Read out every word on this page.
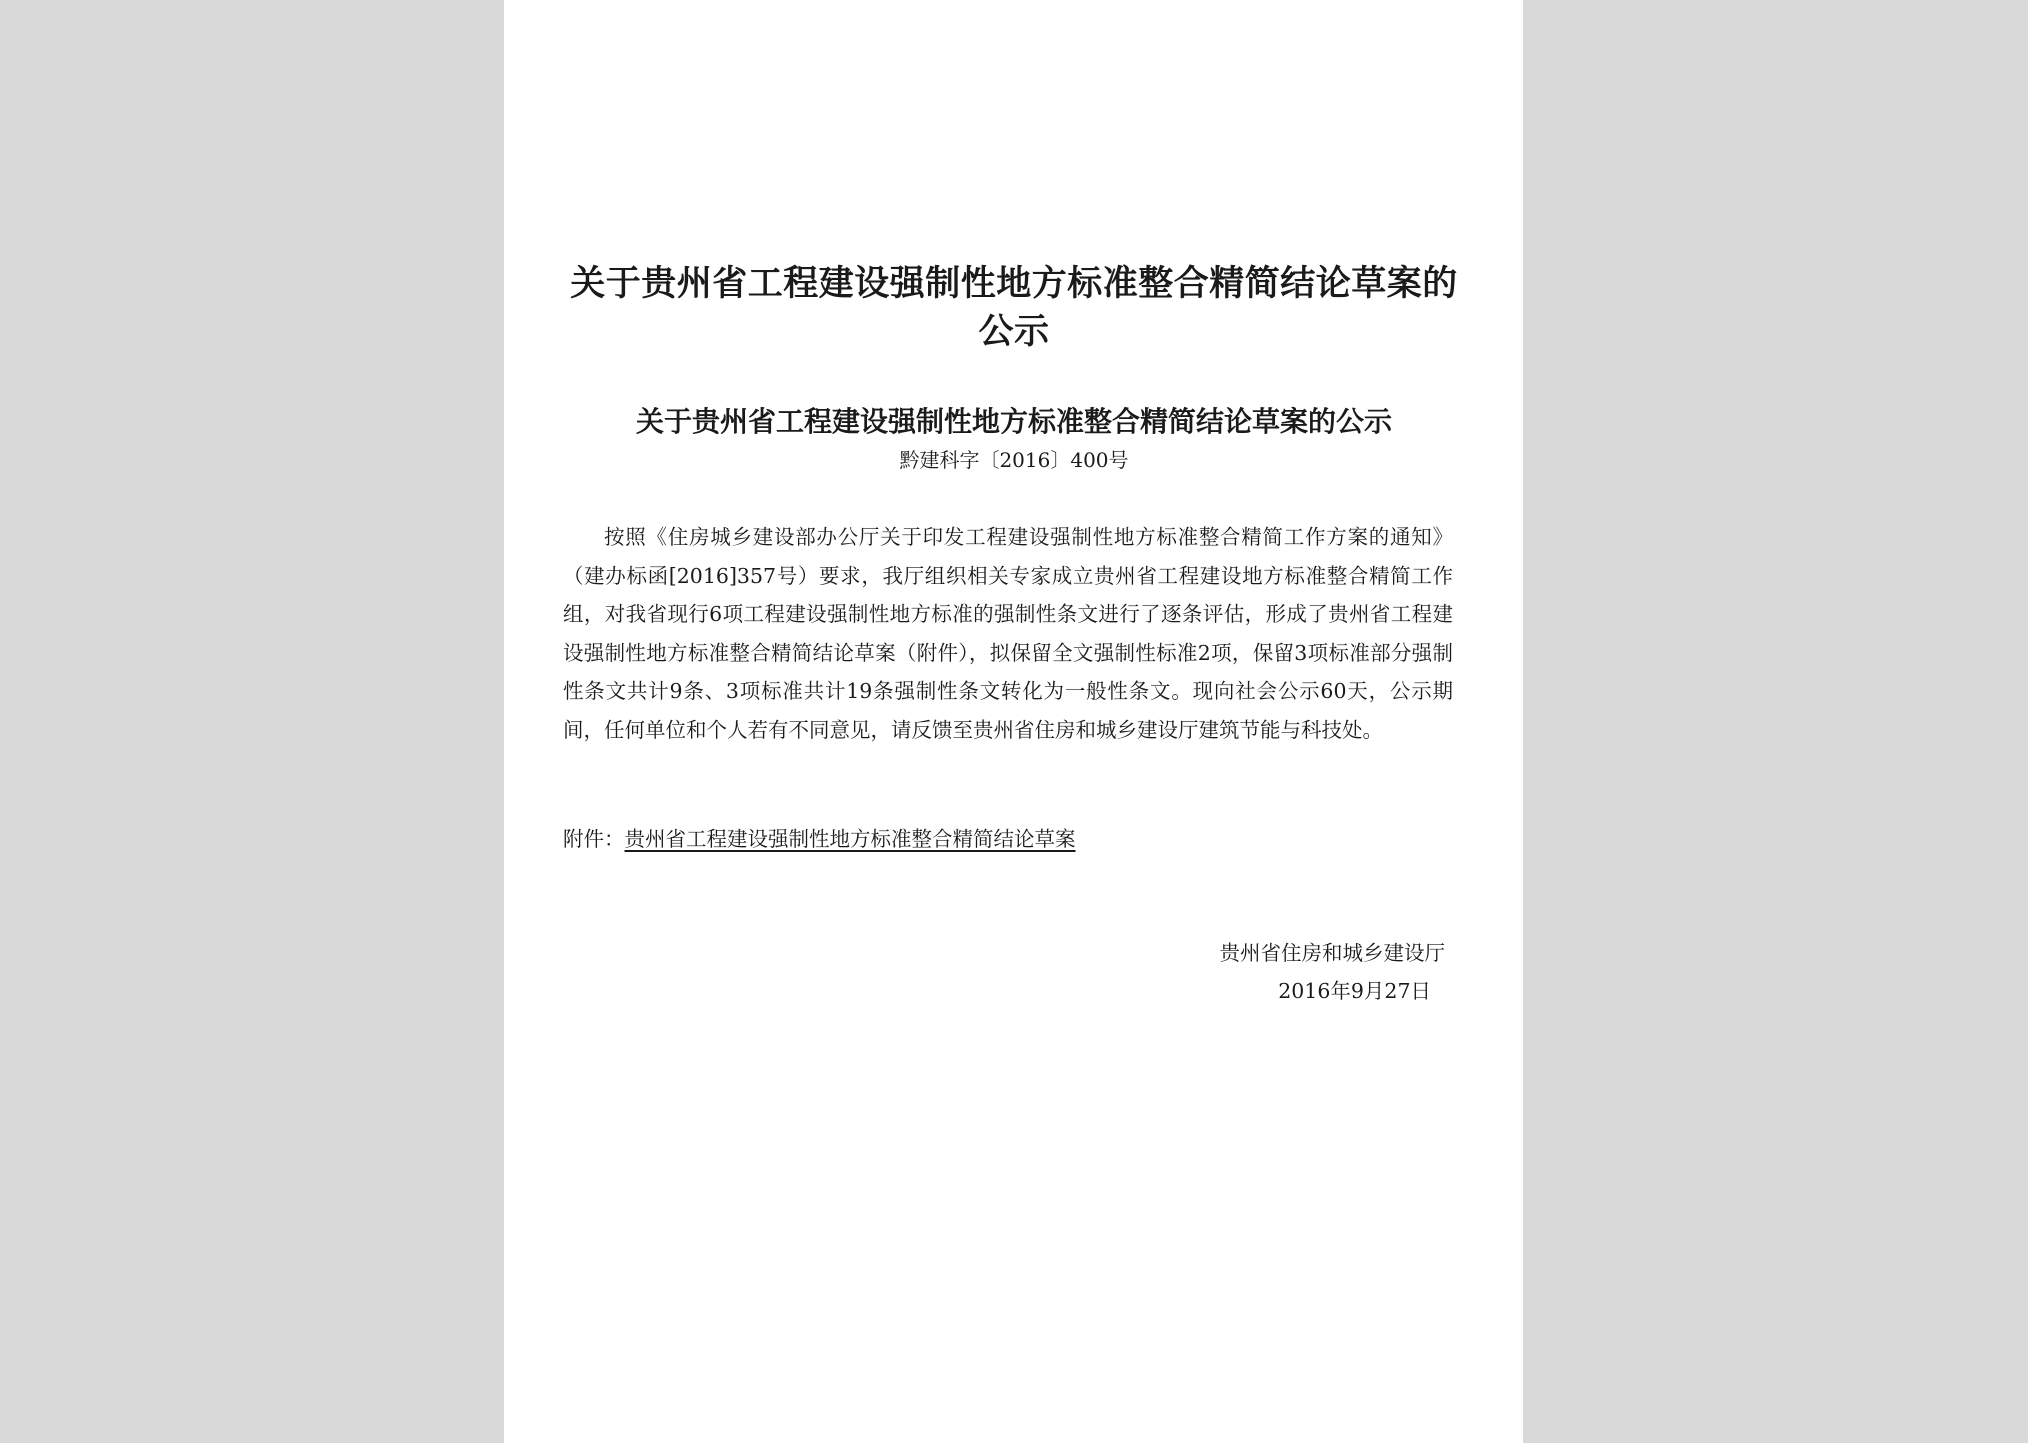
关于贵州省工程建设强制性地方标准整合精简结论草案的公示
关于贵州省工程建设强制性地方标准整合精简结论草案的公示

黔建科字〔2016〕400号

按照《住房城乡建设部办公厅关于印发工程建设强制性地方标准整合精简工作方案的通知》（建办标函[2016]357号）要求，我厅组织相关专家成立贵州省工程建设地方标准整合精简工作组，对我省现行6项工程建设强制性地方标准的强制性条文进行了逐条评估，形成了贵州省工程建设强制性地方标准整合精简结论草案（附件），拟保留全文强制性标准2项，保留3项标准部分强制性条文共计9条、3项标准共计19条强制性条文转化为一般性条文。现向社会公示60天，公示期间，任何单位和个人若有不同意见，请反馈至贵州省住房和城乡建设厅建筑节能与科技处。

附件：贵州省工程建设强制性地方标准整合精简结论草案

贵州省住房和城乡建设厅

2016年9月27日
